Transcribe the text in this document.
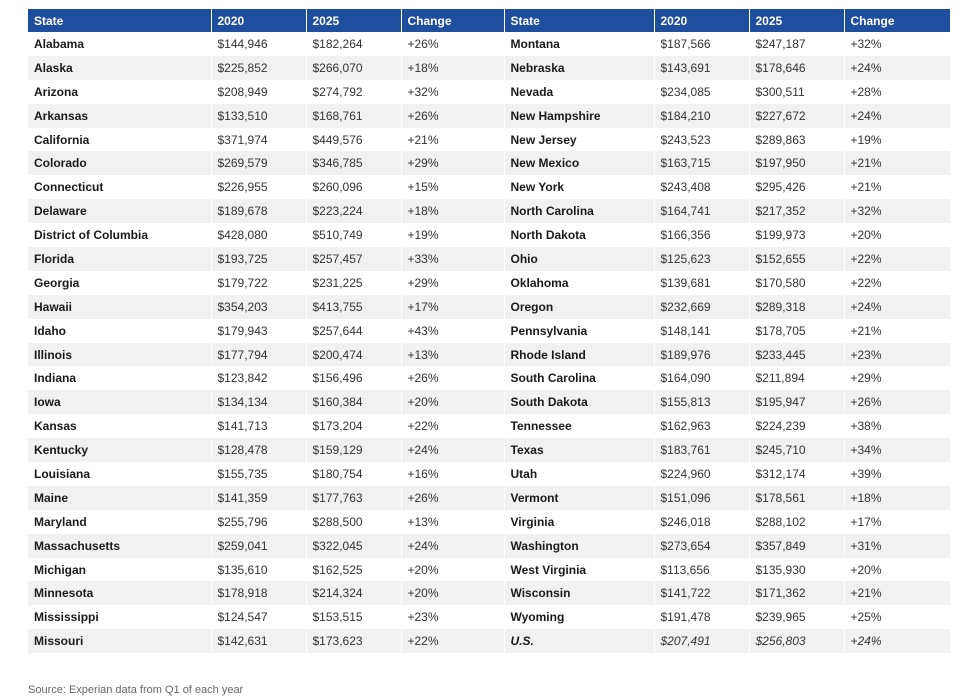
State	2020	2025	Change	State	2020	2025	Change
Alabama	$144,946	$182,264	+26%	Montana	$187,566	$247,187	+32%
Alaska	$225,852	$266,070	+18%	Nebraska	$143,691	$178,646	+24%
Arizona	$208,949	$274,792	+32%	Nevada	$234,085	$300,511	+28%
Arkansas	$133,510	$168,761	+26%	New Hampshire	$184,210	$227,672	+24%
California	$371,974	$449,576	+21%	New Jersey	$243,523	$289,863	+19%
Colorado	$269,579	$346,785	+29%	New Mexico	$163,715	$197,950	+21%
Connecticut	$226,955	$260,096	+15%	New York	$243,408	$295,426	+21%
Delaware	$189,678	$223,224	+18%	North Carolina	$164,741	$217,352	+32%
District of Columbia	$428,080	$510,749	+19%	North Dakota	$166,356	$199,973	+20%
Florida	$193,725	$257,457	+33%	Ohio	$125,623	$152,655	+22%
Georgia	$179,722	$231,225	+29%	Oklahoma	$139,681	$170,580	+22%
Hawaii	$354,203	$413,755	+17%	Oregon	$232,669	$289,318	+24%
Idaho	$179,943	$257,644	+43%	Pennsylvania	$148,141	$178,705	+21%
Illinois	$177,794	$200,474	+13%	Rhode Island	$189,976	$233,445	+23%
Indiana	$123,842	$156,496	+26%	South Carolina	$164,090	$211,894	+29%
Iowa	$134,134	$160,384	+20%	South Dakota	$155,813	$195,947	+26%
Kansas	$141,713	$173,204	+22%	Tennessee	$162,963	$224,239	+38%
Kentucky	$128,478	$159,129	+24%	Texas	$183,761	$245,710	+34%
Louisiana	$155,735	$180,754	+16%	Utah	$224,960	$312,174	+39%
Maine	$141,359	$177,763	+26%	Vermont	$151,096	$178,561	+18%
Maryland	$255,796	$288,500	+13%	Virginia	$246,018	$288,102	+17%
Massachusetts	$259,041	$322,045	+24%	Washington	$273,654	$357,849	+31%
Michigan	$135,610	$162,525	+20%	West Virginia	$113,656	$135,930	+20%
Minnesota	$178,918	$214,324	+20%	Wisconsin	$141,722	$171,362	+21%
Mississippi	$124,547	$153,515	+23%	Wyoming	$191,478	$239,965	+25%
Missouri	$142,631	$173,623	+22%	U.S.	$207,491	$256,803	+24%
Source: Experian data from Q1 of each year
